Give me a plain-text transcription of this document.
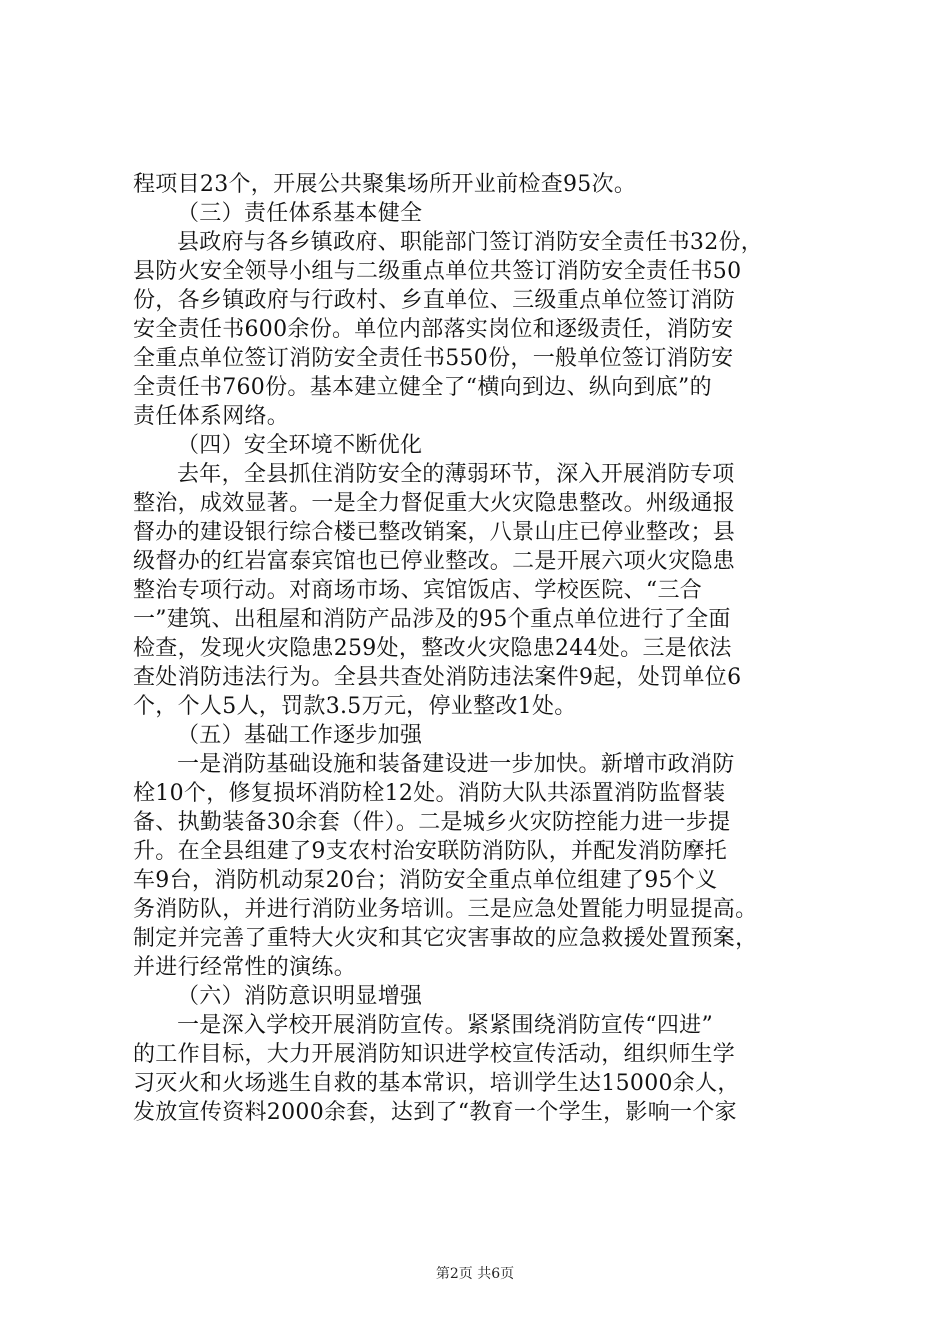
程项目23个，开展公共聚集场所开业前检查95次。
（三）责任体系基本健全
县政府与各乡镇政府、职能部门签订消防安全责任书32份，
县防火安全领导小组与二级重点单位共签订消防安全责任书50
份，各乡镇政府与行政村、乡直单位、三级重点单位签订消防
安全责任书600余份。单位内部落实岗位和逐级责任，消防安
全重点单位签订消防安全责任书550份，一般单位签订消防安
全责任书760份。基本建立健全了“横向到边、纵向到底”的
责任体系网络。
（四）安全环境不断优化
去年，全县抓住消防安全的薄弱环节，深入开展消防专项
整治，成效显著。一是全力督促重大火灾隐患整改。州级通报
督办的建设银行综合楼已整改销案，八景山庄已停业整改；县
级督办的红岩富泰宾馆也已停业整改。二是开展六项火灾隐患
整治专项行动。对商场市场、宾馆饭店、学校医院、“三合
一”建筑、出租屋和消防产品涉及的95个重点单位进行了全面
检查，发现火灾隐患259处，整改火灾隐患244处。三是依法
查处消防违法行为。全县共查处消防违法案件9起，处罚单位6
个，个人5人，罚款3.5万元，停业整改1处。
（五）基础工作逐步加强
一是消防基础设施和装备建设进一步加快。新增市政消防
栓10个，修复损坏消防栓12处。消防大队共添置消防监督装
备、执勤装备30余套（件）。二是城乡火灾防控能力进一步提
升。在全县组建了9支农村治安联防消防队，并配发消防摩托
车9台，消防机动泵20台；消防安全重点单位组建了95个义
务消防队，并进行消防业务培训。三是应急处置能力明显提高。
制定并完善了重特大火灾和其它灾害事故的应急救援处置预案，
并进行经常性的演练。
（六）消防意识明显增强
一是深入学校开展消防宣传。紧紧围绕消防宣传“四进”
的工作目标，大力开展消防知识进学校宣传活动，组织师生学
习灭火和火场逃生自救的基本常识，培训学生达15000余人，
发放宣传资料2000余套，达到了“教育一个学生，影响一个家
第2页 共6页
